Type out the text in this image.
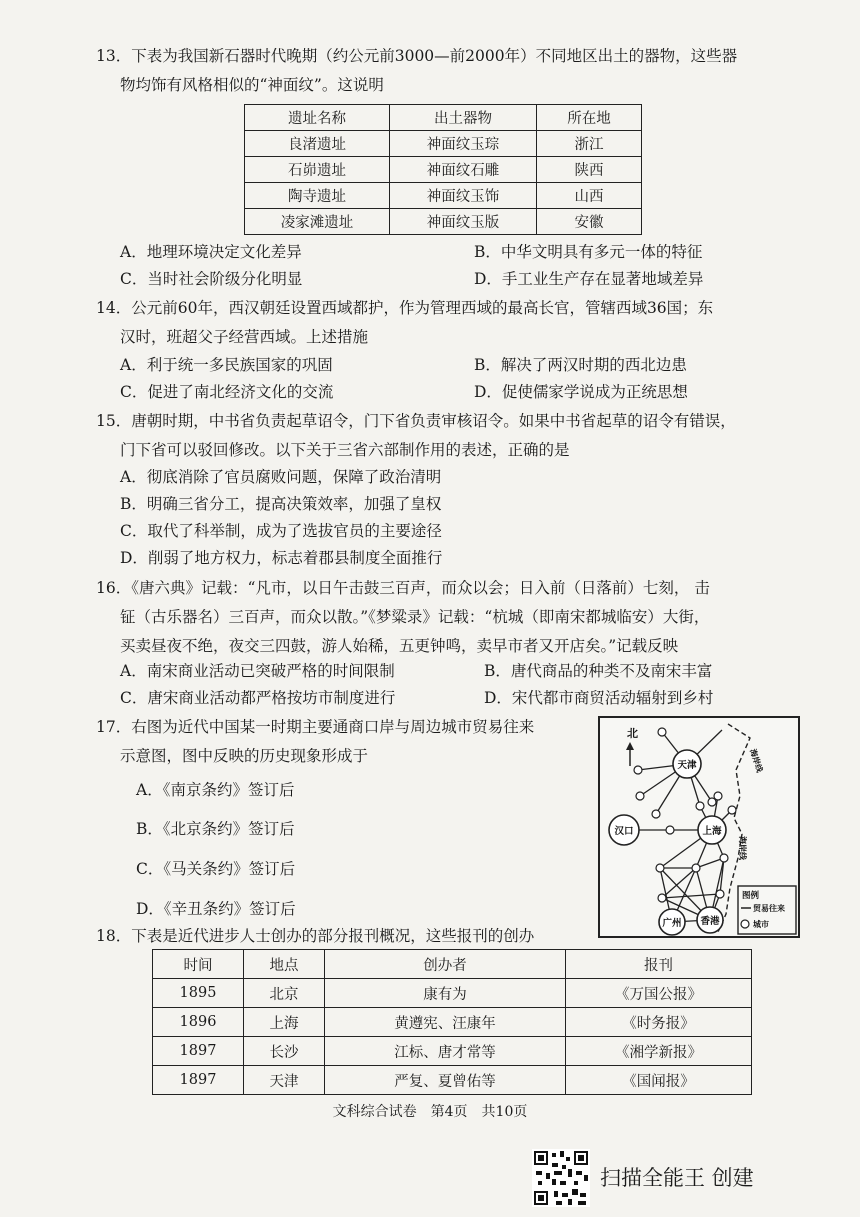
13．下表为我国新石器时代晚期（约公元前3000—前2000年）不同地区出土的器物，这些器

物均饰有风格相似的“神面纹”。这说明

遗址名称	出土器物	所在地
良渚遗址	神面纹玉琮	浙江
石峁遗址	神面纹石雕	陕西
陶寺遗址	神面纹玉饰	山西
凌家滩遗址	神面纹玉版	安徽
A．地理环境决定文化差异	B．中华文明具有多元一体的特征
C．当时社会阶级分化明显	D．手工业生产存在显著地域差异

14．公元前60年，西汉朝廷设置西域都护，作为管理西域的最高长官，管辖西域36国；东

汉时，班超父子经营西域。上述措施

A．利于统一多民族国家的巩固	B．解决了两汉时期的西北边患
C．促进了南北经济文化的交流	D．促使儒家学说成为正统思想

15．唐朝时期，中书省负责起草诏令，门下省负责审核诏令。如果中书省起草的诏令有错误，

门下省可以驳回修改。以下关于三省六部制作用的表述，正确的是

A．彻底消除了官员腐败问题，保障了政治清明
B．明确三省分工，提高决策效率，加强了皇权
C．取代了科举制，成为了选拔官员的主要途径
D．削弱了地方权力，标志着郡县制度全面推行

16．《唐六典》记载：“凡市，以日午击鼓三百声，而众以会；日入前（日落前）七刻， 击

钲（古乐器名）三百声，而众以散。”《梦粱录》记载：“杭城（即南宋都城临安）大街，

买卖昼夜不绝，夜交三四鼓，游人始稀，五更钟鸣，卖早市者又开店矣。”记载反映

A．南宋商业活动已突破严格的时间限制	B．唐代商品的种类不及南宋丰富
C．唐宋商业活动都严格按坊市制度进行	D．宋代都市商贸活动辐射到乡村

17．右图为近代中国某一时期主要通商口岸与周边城市贸易往来

示意图，图中反映的历史现象形成于

A．《南京条约》签订后
B．《北京条约》签订后
C．《马关条约》签订后
D．《辛丑条约》签订后
北
天津
汉口	上海
广州 香港
海岸线
海岸线
图例
贸易往来
城市

18．下表是近代进步人士创办的部分报刊概况，这些报刊的创办

时间	地点	创办者	报刊
1895	北京	康有为	《万国公报》
1896	上海	黄遵宪、汪康年	《时务报》
1897	长沙	江标、唐才常等	《湘学新报》
1897	天津	严复、夏曾佑等	《国闻报》
文科综合试卷　第4页　共10页
扫描全能王 创建
